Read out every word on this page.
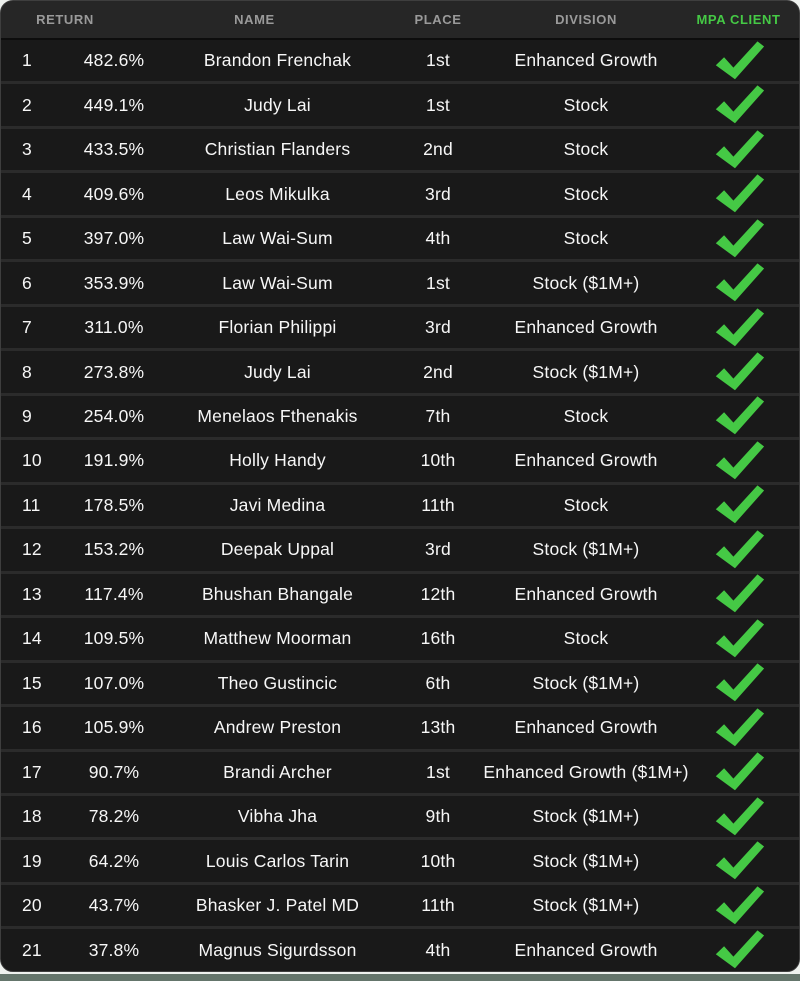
RETURN	NAME	PLACE	DIVISION	MPA CLIENT
1	482.6%	Brandon Frenchak	1st	Enhanced Growth
2	449.1%	Judy Lai	1st	Stock
3	433.5%	Christian Flanders	2nd	Stock
4	409.6%	Leos Mikulka	3rd	Stock
5	397.0%	Law Wai-Sum	4th	Stock
6	353.9%	Law Wai-Sum	1st	Stock ($1M+)
7	311.0%	Florian Philippi	3rd	Enhanced Growth
8	273.8%	Judy Lai	2nd	Stock ($1M+)
9	254.0%	Menelaos Fthenakis	7th	Stock
10	191.9%	Holly Handy	10th	Enhanced Growth
11	178.5%	Javi Medina	11th	Stock
12	153.2%	Deepak Uppal	3rd	Stock ($1M+)
13	117.4%	Bhushan Bhangale	12th	Enhanced Growth
14	109.5%	Matthew Moorman	16th	Stock
15	107.0%	Theo Gustincic	6th	Stock ($1M+)
16	105.9%	Andrew Preston	13th	Enhanced Growth
17	90.7%	Brandi Archer	1st	Enhanced Growth ($1M+)
18	78.2%	Vibha Jha	9th	Stock ($1M+)
19	64.2%	Louis Carlos Tarin	10th	Stock ($1M+)
20	43.7%	Bhasker J. Patel MD	11th	Stock ($1M+)
21	37.8%	Magnus Sigurdsson	4th	Enhanced Growth
